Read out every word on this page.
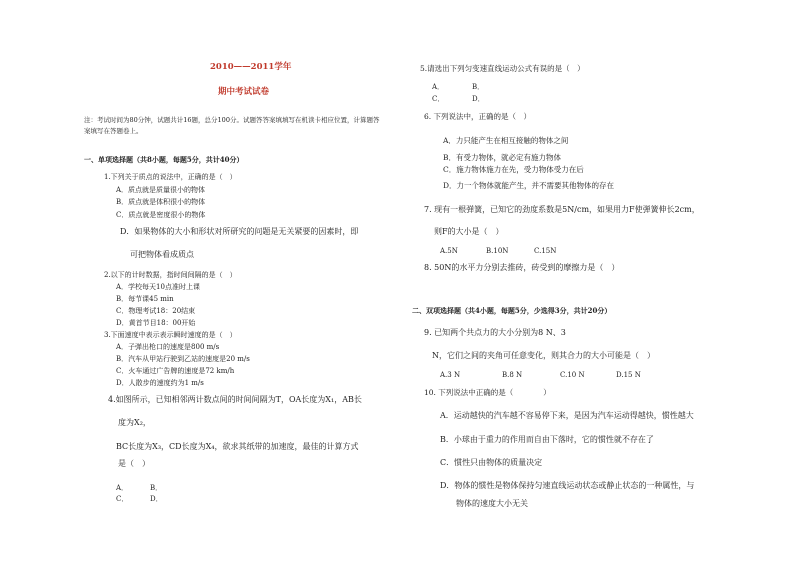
2010——2011学年
期中考试试卷
注：考试时间为80分钟，试题共计16题，总分100分。试题答答案填填写在机读卡相应位置，计算题答
案填写在答题卷上。
一、单项选择题（共8小题，每题5分，共计40分）
1.下列关于质点的说法中，正确的是（　）
A．质点就是质量很小的物体
B．质点就是体积很小的物体
C．质点就是密度很小的物体
D．如果物体的大小和形状对所研究的问题是无关紧要的因素时，即
可把物体看成质点
2.以下的计时数据，指时间间隔的是（　）
A．学校每天10点准时上课
B．每节课45 min
C．物理考试18：20结束
D．黄首节目18：00开始
3.下面速度中表示表示瞬时速度的是（　）
A．子弹出枪口的速度是800 m/s
B．汽车从甲站行驶到乙站的速度是20 m/s
C．火车通过广告牌的速度是72 km/h
D．人散步的速度约为1 m/s
4.如图所示，已知相邻两计数点间的时间间隔为T，OA长度为X₁，AB长
度为X₂，
BC长度为X₃，CD长度为X₄，欲求其纸带的加速度，最佳的计算方式
是（　）
A．	B．
C．	D．
5.请选出下列匀变速直线运动公式有误的是（　）
A．	B．
C．	D．
6. 下列说法中，正确的是（　）
A．力只能产生在相互接触的物体之间
B．有受力物体，就必定有施力物体
C．施力物体施力在先，受力物体受力在后
D．力一个物体就能产生，并不需要其他物体的存在
7. 现有一根弹簧，已知它的劲度系数是5N/cm，如果用力F使弹簧伸长2cm，
则F的大小是（　）
A.5N	B.10N	C.15N
8. 50N的水平力分别去推砖，砖受到的摩擦力是（　）
二、双项选择题（共4小题，每题5分，少选得3分，共计20分）
9. 已知两个共点力的大小分别为8 N、3
N，它们之间的夹角可任意变化，则其合力的大小可能是（　）
A.3 N	B.8 N	C.10 N	D.15 N
10. 下列说法中正确的是（　　　　）
A．运动越快的汽车越不容易停下来，是因为汽车运动得越快，惯性越大
B．小球由于重力的作用而自由下落时，它的惯性就不存在了
C．惯性只由物体的质量决定
D．物体的惯性是物体保持匀速直线运动状态或静止状态的一种属性，与
物体的速度大小无关
